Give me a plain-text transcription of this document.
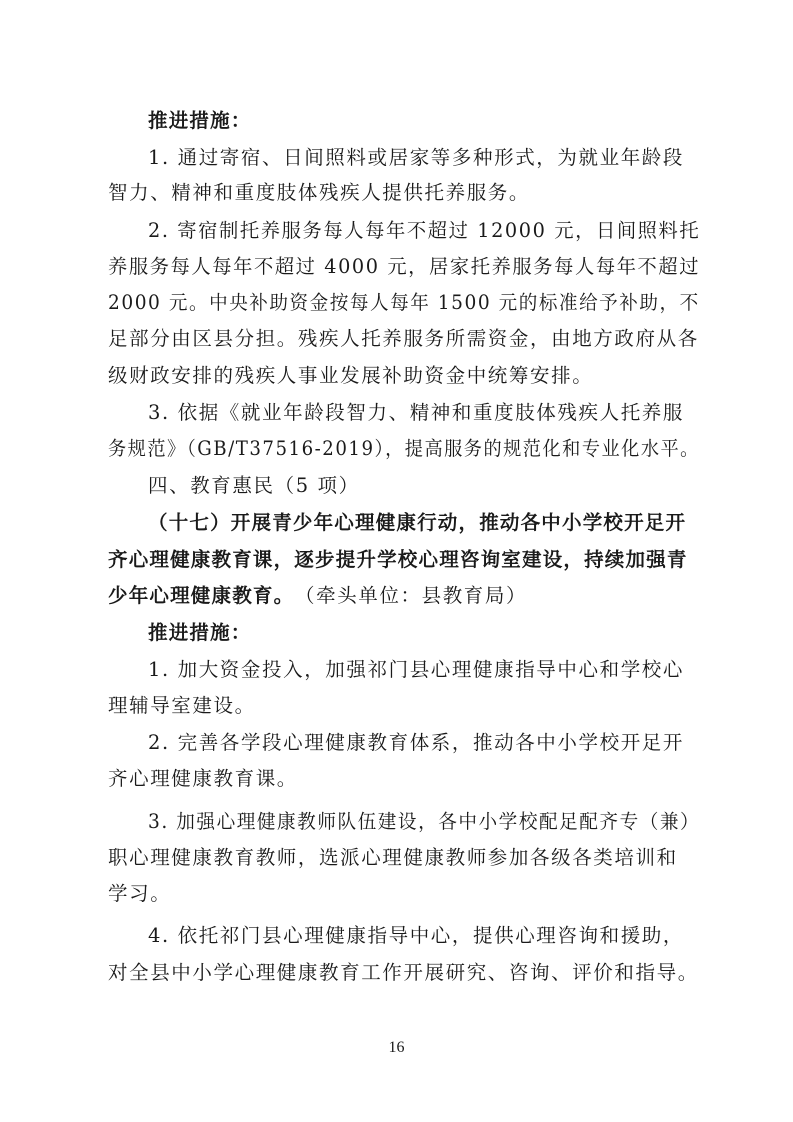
推进措施：
1. 通过寄宿、日间照料或居家等多种形式，为就业年龄段
智力、精神和重度肢体残疾人提供托养服务。
2. 寄宿制托养服务每人每年不超过 12000 元，日间照料托
养服务每人每年不超过 4000 元，居家托养服务每人每年不超过
2000 元。中央补助资金按每人每年 1500 元的标准给予补助，不
足部分由区县分担。残疾人托养服务所需资金，由地方政府从各
级财政安排的残疾人事业发展补助资金中统筹安排。
3. 依据《就业年龄段智力、精神和重度肢体残疾人托养服
务规范》（GB/T37516-2019），提高服务的规范化和专业化水平。
四、教育惠民（5 项）
（十七）开展青少年心理健康行动，推动各中小学校开足开
齐心理健康教育课，逐步提升学校心理咨询室建设，持续加强青
少年心理健康教育。 （牵头单位：县教育局）
推进措施：
1. 加大资金投入，加强祁门县心理健康指导中心和学校心
理辅导室建设。
2. 完善各学段心理健康教育体系，推动各中小学校开足开
齐心理健康教育课。
3. 加强心理健康教师队伍建设，各中小学校配足配齐专（兼）
职心理健康教育教师，选派心理健康教师参加各级各类培训和
学习。
4. 依托祁门县心理健康指导中心，提供心理咨询和援助，
对全县中小学心理健康教育工作开展研究、咨询、评价和指导。
16
